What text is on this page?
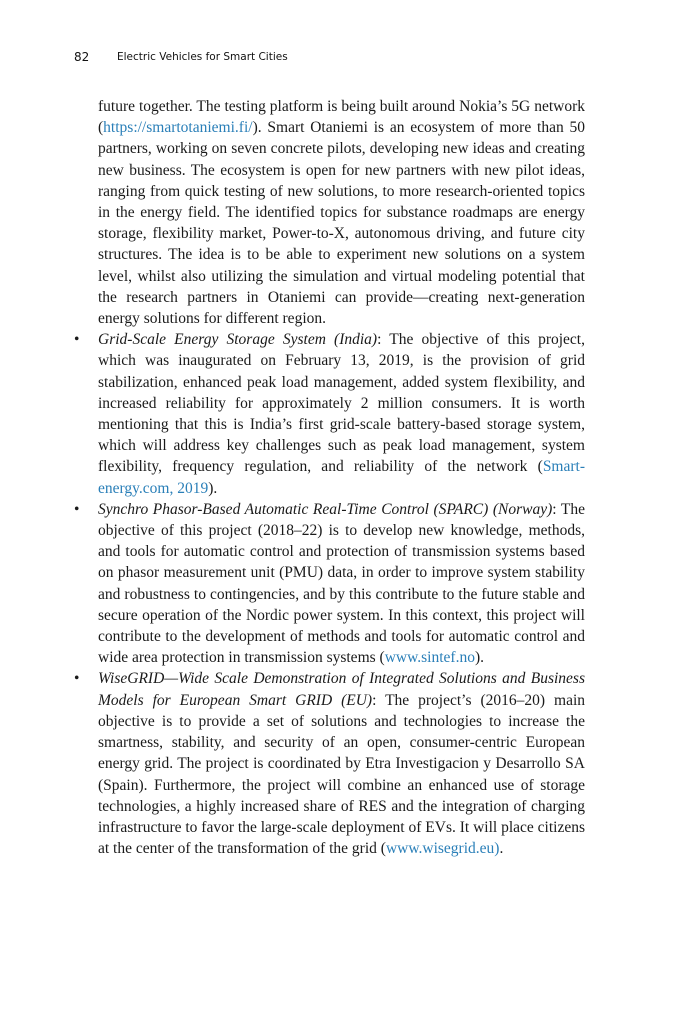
82	Electric Vehicles for Smart Cities

future together. The testing platform is being built around Nokia’s 5G network (https://smartotaniemi.fi/). Smart Otaniemi is an ecosystem of more than 50 partners, working on seven concrete pilots, developing new ideas and creating new business. The ecosystem is open for new partners with new pilot ideas, ranging from quick testing of new solutions, to more research-oriented topics in the energy field. The identified topics for substance roadmaps are energy storage, flexibility market, Power-to-X, autonomous driving, and future city structures. The idea is to be able to experiment new solutions on a system level, whilst also utilizing the simulation and virtual modeling potential that the research partners in Otaniemi can provide—creating next-generation energy solutions for different region.

• Grid-Scale Energy Storage System (India): The objective of this project, which was inaugurated on February 13, 2019, is the provision of grid stabilization, enhanced peak load management, added system flexibility, and increased reliability for approximately 2 million consumers. It is worth mentioning that this is India’s first grid-scale battery-based storage system, which will address key challenges such as peak load management, system flexibility, frequency regulation, and reliability of the network (Smart- energy.com, 2019).
• Synchro Phasor-Based Automatic Real-Time Control (SPARC) (Norway): The objective of this project (2018–22) is to develop new knowledge, methods, and tools for automatic control and protection of transmission systems based on phasor measurement unit (PMU) data, in order to improve system stability and robustness to contingencies, and by this contribute to the future stable and secure operation of the Nordic power system. In this context, this project will contribute to the development of methods and tools for automatic control and wide area protection in transmission systems (www.sintef.no).
• WiseGRID—Wide Scale Demonstration of Integrated Solutions and Business Models for European Smart GRID (EU): The project’s (2016–20) main objective is to provide a set of solutions and technologies to increase the smartness, stability, and security of an open, consumer-centric European energy grid. The project is coordinated by Etra Investigacion y Desarrollo SA (Spain). Furthermore, the project will combine an enhanced use of storage technologies, a highly increased share of RES and the integration of charging infrastructure to favor the large-scale deployment of EVs. It will place citizens at the center of the transformation of the grid (www.wisegrid.eu).
